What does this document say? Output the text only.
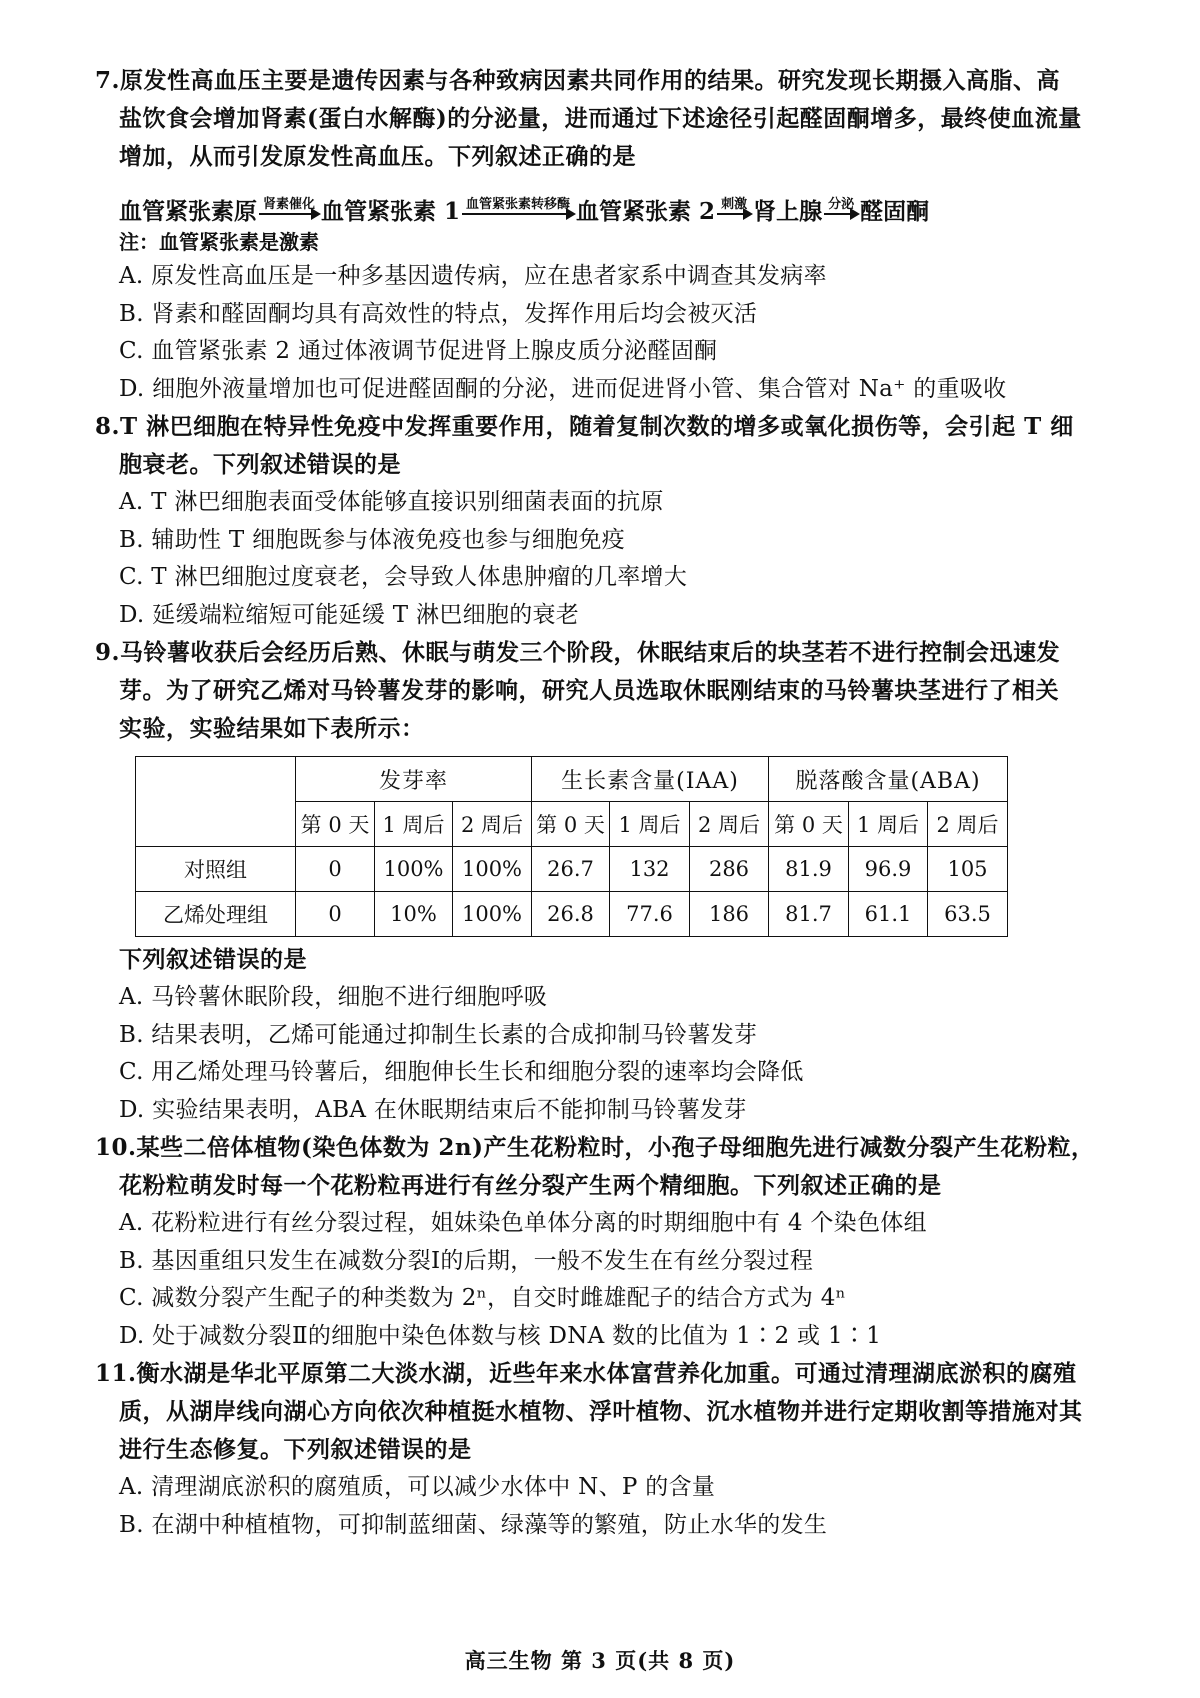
7.原发性高血压主要是遗传因素与各种致病因素共同作用的结果。研究发现长期摄入高脂、高
盐饮食会增加肾素(蛋白水解酶)的分泌量，进而通过下述途径引起醛固酮增多，最终使血流量
增加，从而引发原发性高血压。下列叙述正确的是
血管紧张素原 肾素催化 血管紧张素 1 血管紧张素转移酶 血管紧张素 2 刺激 肾上腺 分泌 醛固酮
注：血管紧张素是激素
A. 原发性高血压是一种多基因遗传病，应在患者家系中调查其发病率
B. 肾素和醛固酮均具有高效性的特点，发挥作用后均会被灭活
C. 血管紧张素 2 通过体液调节促进肾上腺皮质分泌醛固酮
D. 细胞外液量增加也可促进醛固酮的分泌，进而促进肾小管、集合管对 Na⁺ 的重吸收
8.T 淋巴细胞在特异性免疫中发挥重要作用，随着复制次数的增多或氧化损伤等，会引起 T 细
胞衰老。下列叙述错误的是
A. T 淋巴细胞表面受体能够直接识别细菌表面的抗原
B. 辅助性 T 细胞既参与体液免疫也参与细胞免疫
C. T 淋巴细胞过度衰老，会导致人体患肿瘤的几率增大
D. 延缓端粒缩短可能延缓 T 淋巴细胞的衰老
9.马铃薯收获后会经历后熟、休眠与萌发三个阶段，休眠结束后的块茎若不进行控制会迅速发
芽。为了研究乙烯对马铃薯发芽的影响，研究人员选取休眠刚结束的马铃薯块茎进行了相关
实验，实验结果如下表所示：
	发芽率			生长素含量(IAA)			脱落酸含量(ABA)		
	第 0 天	1 周后	2 周后	第 0 天	1 周后	2 周后	第 0 天	1 周后	2 周后
对照组	0	100%	100%	26.7	132	286	81.9	96.9	105
乙烯处理组	0	10%	100%	26.8	77.6	186	81.7	61.1	63.5
下列叙述错误的是
A. 马铃薯休眠阶段，细胞不进行细胞呼吸
B. 结果表明，乙烯可能通过抑制生长素的合成抑制马铃薯发芽
C. 用乙烯处理马铃薯后，细胞伸长生长和细胞分裂的速率均会降低
D. 实验结果表明，ABA 在休眠期结束后不能抑制马铃薯发芽
10.某些二倍体植物(染色体数为 2n)产生花粉粒时，小孢子母细胞先进行减数分裂产生花粉粒，
花粉粒萌发时每一个花粉粒再进行有丝分裂产生两个精细胞。下列叙述正确的是
A. 花粉粒进行有丝分裂过程，姐妹染色单体分离的时期细胞中有 4 个染色体组
B. 基因重组只发生在减数分裂Ⅰ的后期，一般不发生在有丝分裂过程
C. 减数分裂产生配子的种类数为 2ⁿ，自交时雌雄配子的结合方式为 4ⁿ
D. 处于减数分裂Ⅱ的细胞中染色体数与核 DNA 数的比值为 1∶2 或 1∶1
11.衡水湖是华北平原第二大淡水湖，近些年来水体富营养化加重。可通过清理湖底淤积的腐殖
质，从湖岸线向湖心方向依次种植挺水植物、浮叶植物、沉水植物并进行定期收割等措施对其
进行生态修复。下列叙述错误的是
A. 清理湖底淤积的腐殖质，可以减少水体中 N、P 的含量
B. 在湖中种植植物，可抑制蓝细菌、绿藻等的繁殖，防止水华的发生
高三生物 第 3 页(共 8 页)
